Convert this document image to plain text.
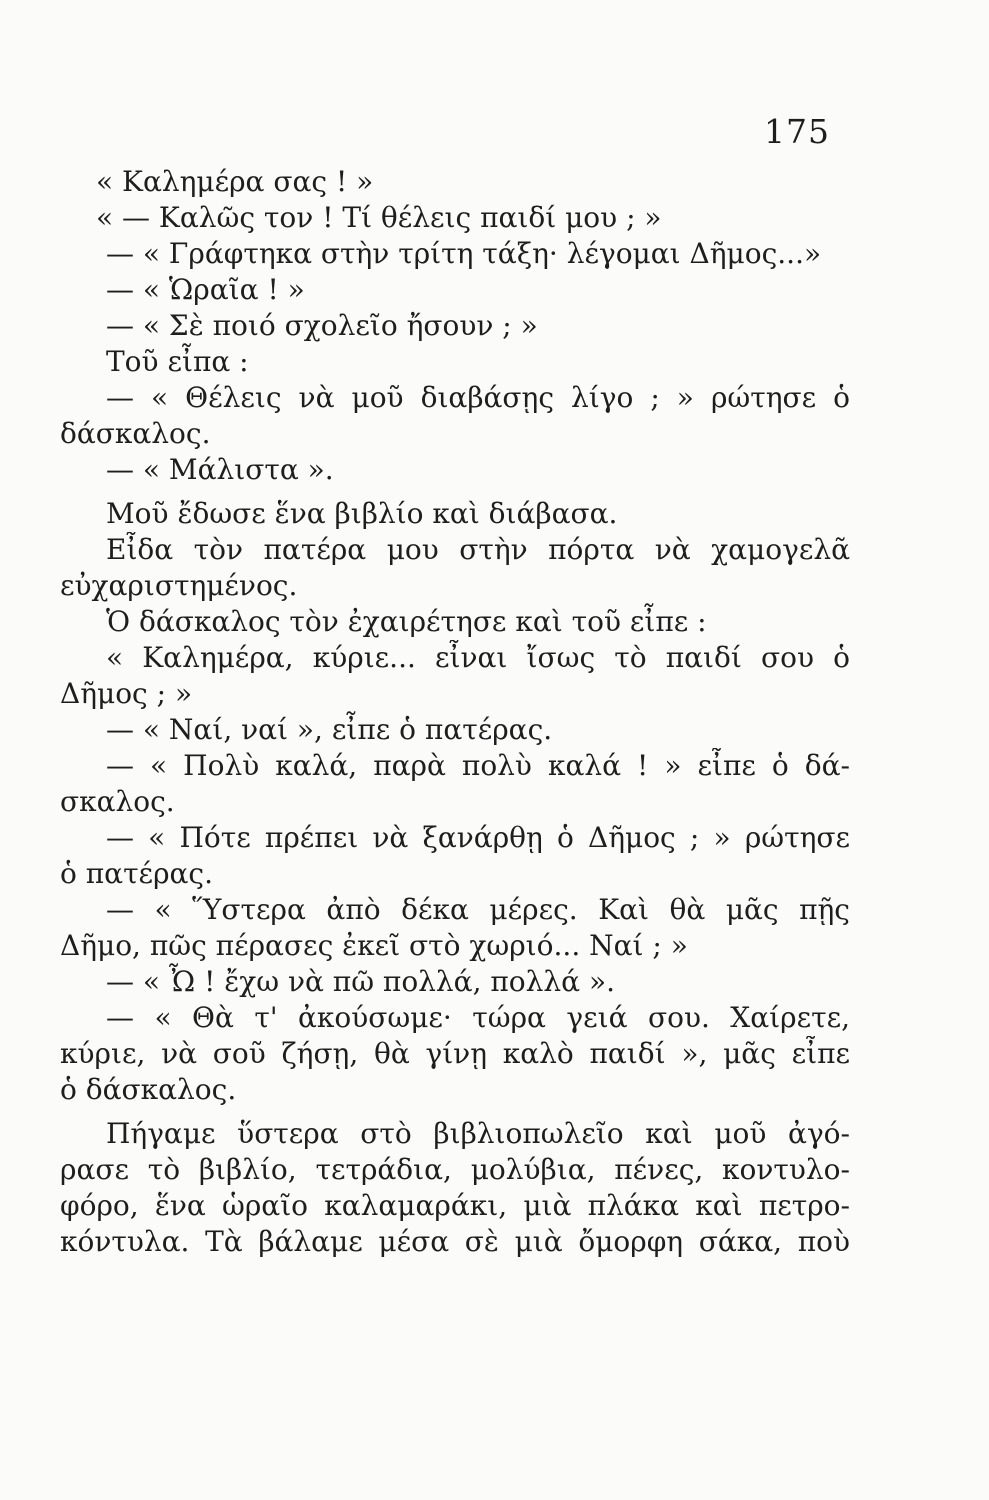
175
« Καλημέρα σας ! »
« — Καλῶς τον ! Τί θέλεις παιδί μου ; »
— « Γράφτηκα στὴν τρίτη τάξη· λέγομαι Δῆμος...»
— « Ὡραῖα ! »
— « Σὲ ποιό σχολεῖο ἤσουν ; »
Τοῦ εἶπα :
— « Θέλεις νὰ μοῦ διαβάσῃς λίγο ; » ρώτησε ὁ
δάσκαλος.
— « Μάλιστα ».
Μοῦ ἔδωσε ἕνα βιβλίο καὶ διάβασα.
Εἶδα τὸν πατέρα μου στὴν πόρτα νὰ χαμογελᾶ
εὐχαριστημένος.
Ὁ δάσκαλος τὸν ἐχαιρέτησε καὶ τοῦ εἶπε :
« Καλημέρα, κύριε... εἶναι ἴσως τὸ παιδί σου ὁ
Δῆμος ; »
— « Ναί, ναί », εἶπε ὁ πατέρας.
— « Πολὺ καλά, παρὰ πολὺ καλά ! » εἶπε ὁ δά-
σκαλος.
— « Πότε πρέπει νὰ ξανάρθῃ ὁ Δῆμος ; » ρώτησε
ὁ πατέρας.
— « Ὕστερα ἀπὸ δέκα μέρες. Καὶ θὰ μᾶς πῇς
Δῆμο, πῶς πέρασες ἐκεῖ στὸ χωριό... Ναί ; »
— « Ὦ ! ἔχω νὰ πῶ πολλά, πολλά ».
— « Θὰ τ' ἀκούσωμε· τώρα γειά σου. Χαίρετε,
κύριε, νὰ σοῦ ζήσῃ, θὰ γίνῃ καλὸ παιδί », μᾶς εἶπε
ὁ δάσκαλος.
Πήγαμε ὕστερα στὸ βιβλιοπωλεῖο καὶ μοῦ ἀγό-
ρασε τὸ βιβλίο, τετράδια, μολύβια, πένες, κοντυλο-
φόρο, ἕνα ὡραῖο καλαμαράκι, μιὰ πλάκα καὶ πετρο-
κόντυλα. Τὰ βάλαμε μέσα σὲ μιὰ ὄμορφη σάκα, ποὺ
